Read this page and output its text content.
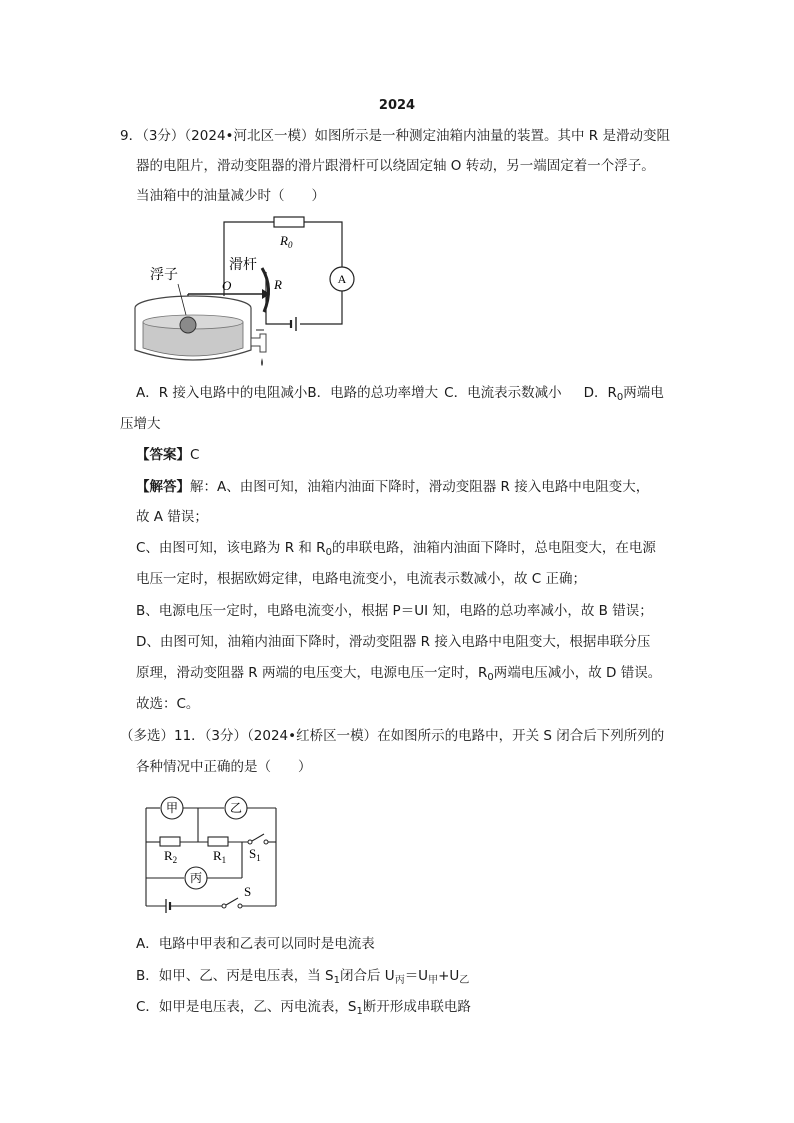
2024
9．（3分）（2024•河北区一模）如图所示是一种测定油箱内油量的装置。其中 R 是滑动变阻
器的电阻片，滑动变阻器的滑片跟滑杆可以绕固定轴 O 转动，另一端固定着一个浮子。
当油箱中的油量减少时（　　）
A
浮子
滑杆
O	R
$R_0$
A．R 接入电路中的电阻减小B．电路的总功率增大 C．电流表示数减小 D．$R_0$两端电
压增大
【答案】C
【解答】解：A、由图可知，油箱内油面下降时，滑动变阻器 R 接入电路中电阻变大，
故 A 错误；
C、由图可知，该电路为 R 和 $R_0$的串联电路，油箱内油面下降时，总电阻变大，在电源
电压一定时，根据欧姆定律，电路电流变小，电流表示数减小，故 C 正确；
B、电源电压一定时，电路电流变小，根据 P＝UI 知，电路的总功率减小，故 B 错误；
D、由图可知，油箱内油面下降时，滑动变阻器 R 接入电路中电阻变大，根据串联分压
原理，滑动变阻器 R 两端的电压变大，电源电压一定时，$R_0$两端电压减小，故 D 错误。
故选：C。
（多选）11．（3分）（2024•红桥区一模）在如图所示的电路中，开关 S 闭合后下列所列的
各种情况中正确的是（　　）
甲	乙
丙
$R_2$	$R_1$ $S_1$
S
A．电路中甲表和乙表可以同时是电流表
B．如甲、乙、丙是电压表，当 $S_1$闭合后 $U_丙=U_甲+U_乙$
C．如甲是电压表，乙、丙电流表，$S_1$断开形成串联电路
